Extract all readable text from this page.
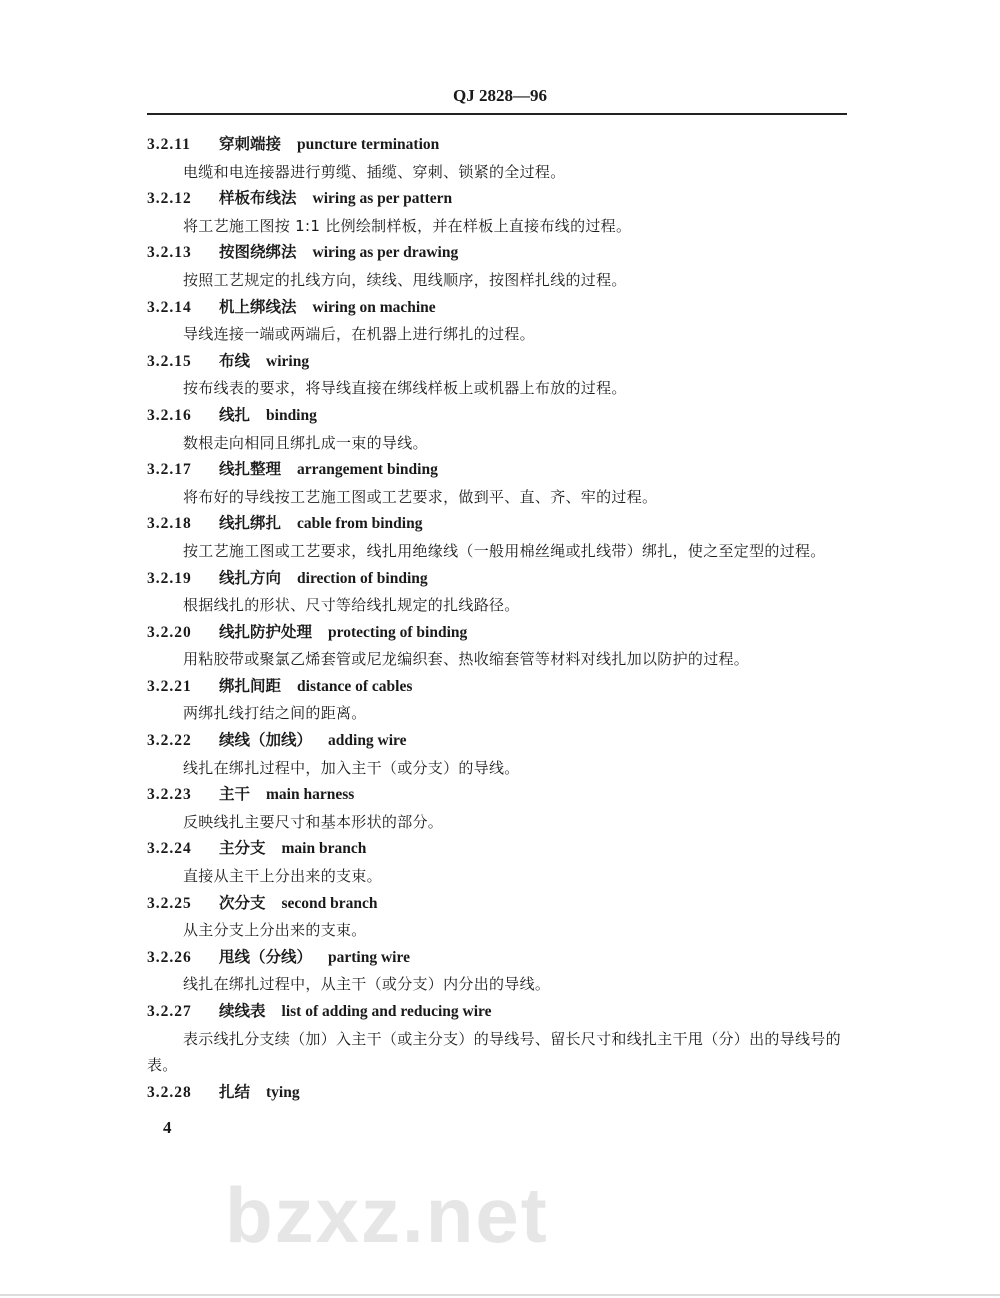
QJ 2828—96
bzxz.net
3.2.11 穿刺端接 puncture termination
电缆和电连接器进行剪缆、插缆、穿刺、锁紧的全过程。
3.2.12 样板布线法 wiring as per pattern
将工艺施工图按 1:1 比例绘制样板，并在样板上直接布线的过程。
3.2.13 按图绕绑法 wiring as per drawing
按照工艺规定的扎线方向，续线、甩线顺序，按图样扎线的过程。
3.2.14 机上绑线法 wiring on machine
导线连接一端或两端后，在机器上进行绑扎的过程。
3.2.15 布线 wiring
按布线表的要求，将导线直接在绑线样板上或机器上布放的过程。
3.2.16 线扎 binding
数根走向相同且绑扎成一束的导线。
3.2.17 线扎整理 arrangement binding
将布好的导线按工艺施工图或工艺要求，做到平、直、齐、牢的过程。
3.2.18 线扎绑扎 cable from binding
按工艺施工图或工艺要求，线扎用绝缘线（一般用棉丝绳或扎线带）绑扎，使之至定型的过程。
3.2.19 线扎方向 direction of binding
根据线扎的形状、尺寸等给线扎规定的扎线路径。
3.2.20 线扎防护处理 protecting of binding
用粘胶带或聚氯乙烯套管或尼龙编织套、热收缩套管等材料对线扎加以防护的过程。
3.2.21 绑扎间距 distance of cables
两绑扎线打结之间的距离。
3.2.22 续线（加线） adding wire
线扎在绑扎过程中，加入主干（或分支）的导线。
3.2.23 主干 main harness
反映线扎主要尺寸和基本形状的部分。
3.2.24 主分支 main branch
直接从主干上分出来的支束。
3.2.25 次分支 second branch
从主分支上分出来的支束。
3.2.26 甩线（分线） parting wire
线扎在绑扎过程中，从主干（或分支）内分出的导线。
3.2.27 续线表 list of adding and reducing wire
表示线扎分支续（加）入主干（或主分支）的导线号、留长尺寸和线扎主干甩（分）出的导线号的表。
3.2.28 扎结 tying
4
